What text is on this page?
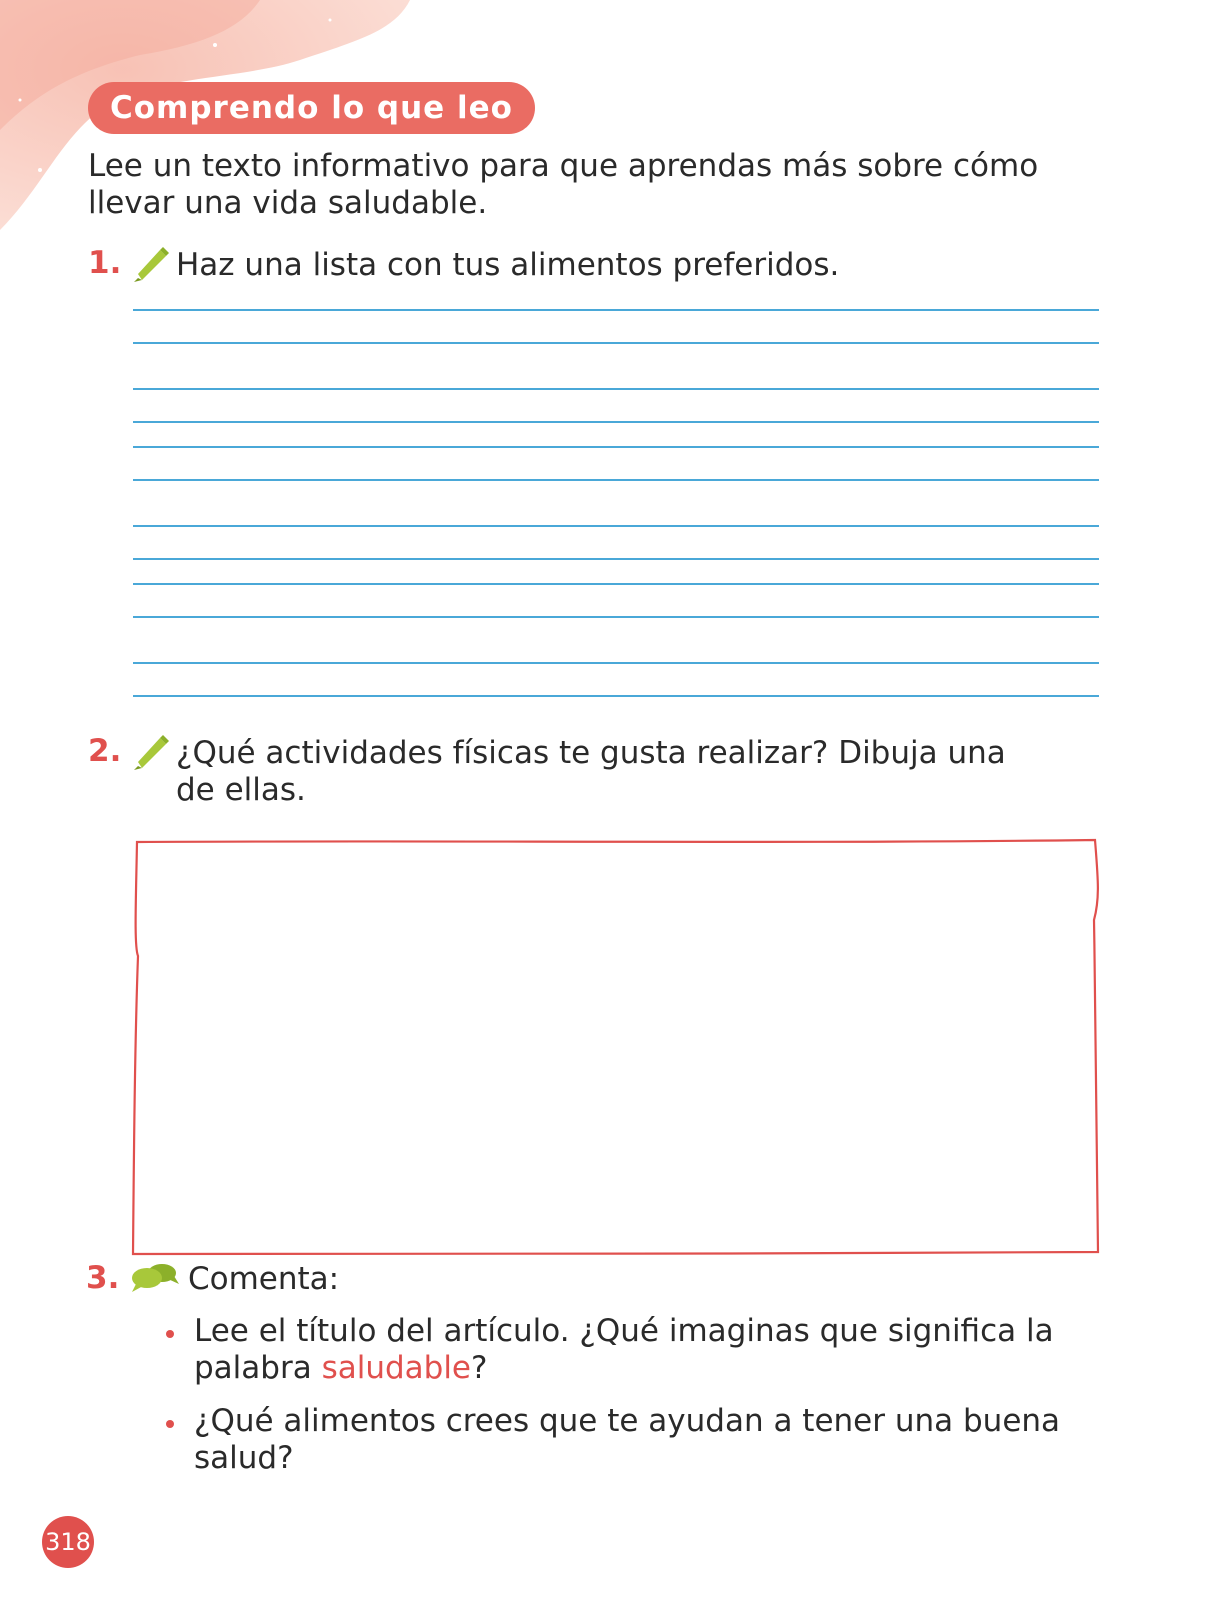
Comprendo lo que leo
Lee un texto informativo para que aprendas más sobre cómo llevar una vida saludable.
1. Haz una lista con tus alimentos preferidos.
2. ¿Qué actividades físicas te gusta realizar? Dibuja una de ellas.
3. Comenta:
Lee el título del artículo. ¿Qué imaginas que significa la palabra saludable?
¿Qué alimentos crees que te ayudan a tener una buena salud?
318
